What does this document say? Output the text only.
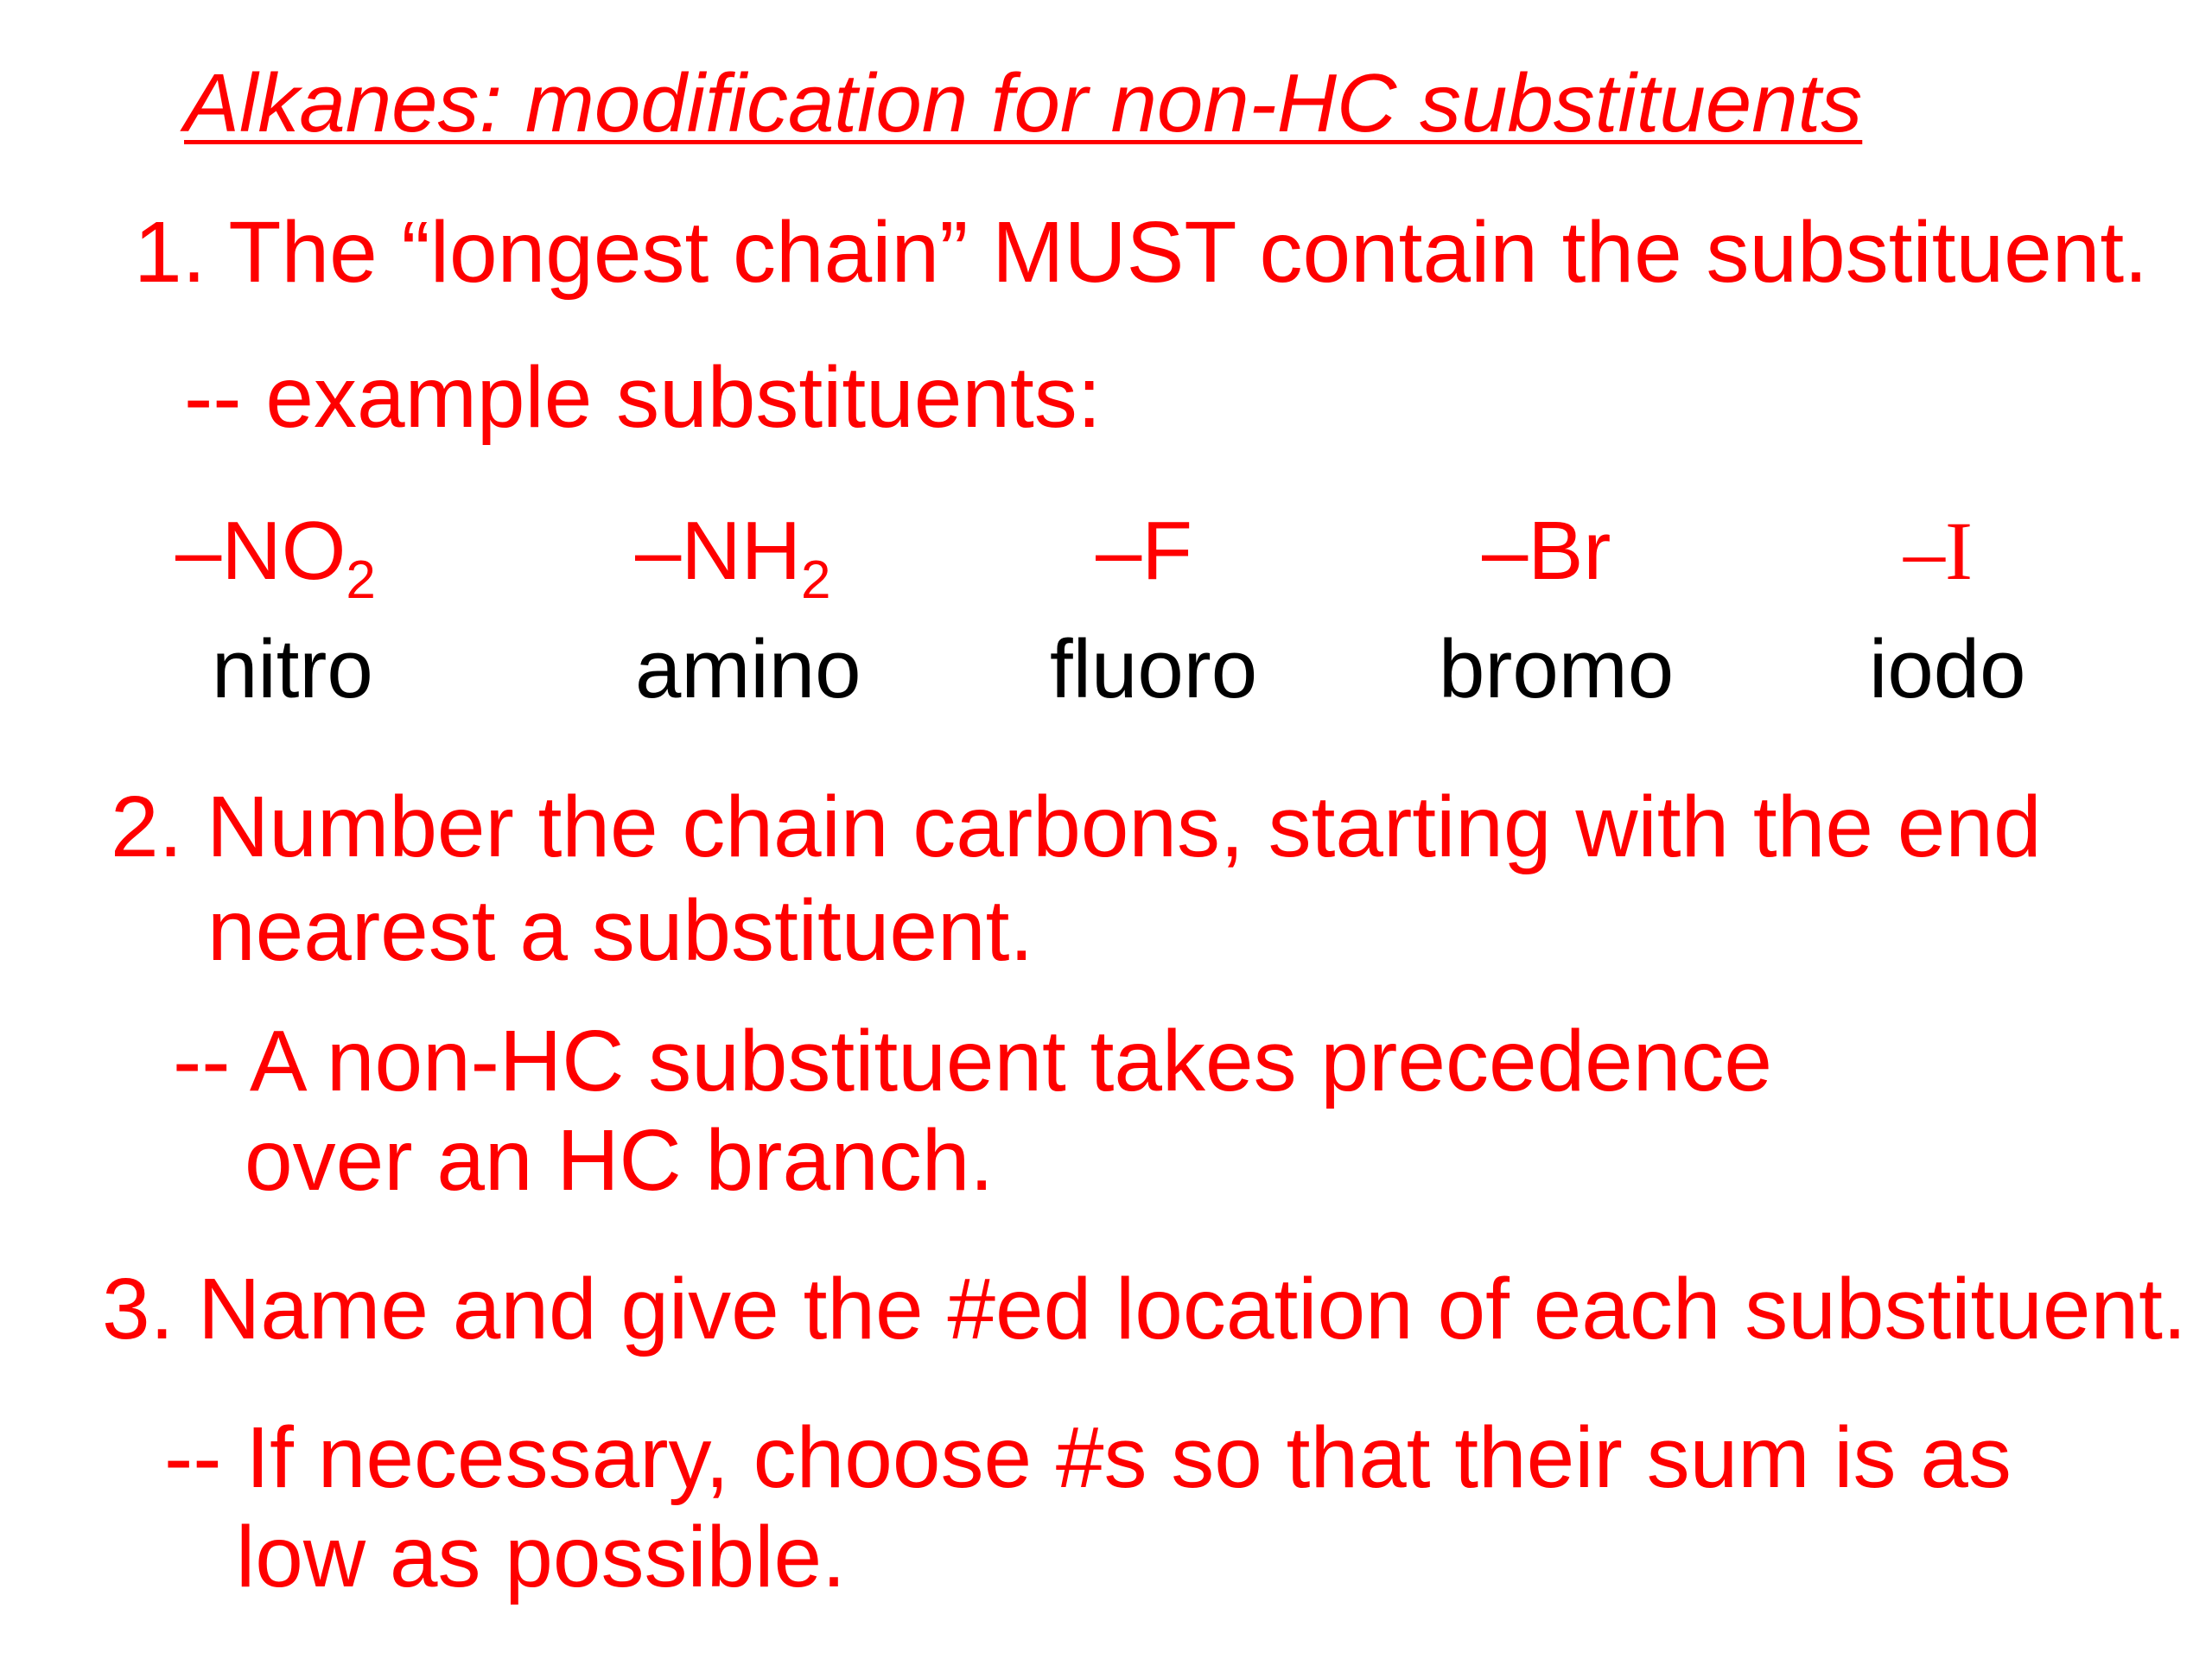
Alkanes: modification for non-HC substituents
1. The “longest chain” MUST contain the substituent.
-- example substituents:
$-NO_2$	$-NH_2$	–F	–Br	–I
nitro	amino fluoro bromo iodo
2. Number the chain carbons, starting with the end
nearest a substituent.
-- A non-HC substituent takes precedence
over an HC branch.
3. Name and give the #ed location of each substituent.
-- If necessary, choose #s so that their sum is as
low as possible.
